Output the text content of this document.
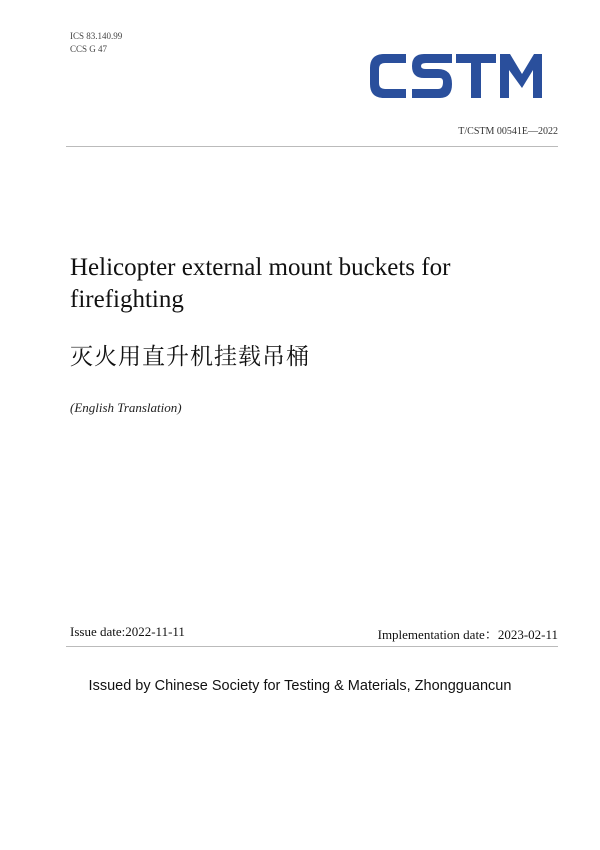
ICS 83.140.99
CCS G 47	CSTM
T/CSTM 00541E—2022
Helicopter external mount buckets for firefighting
灭火用直升机挂载吊桶
(English Translation)
Issue date:2022-11-11	Implementation date：2023-02-11
Issued by Chinese Society for Testing & Materials, Zhongguancun
